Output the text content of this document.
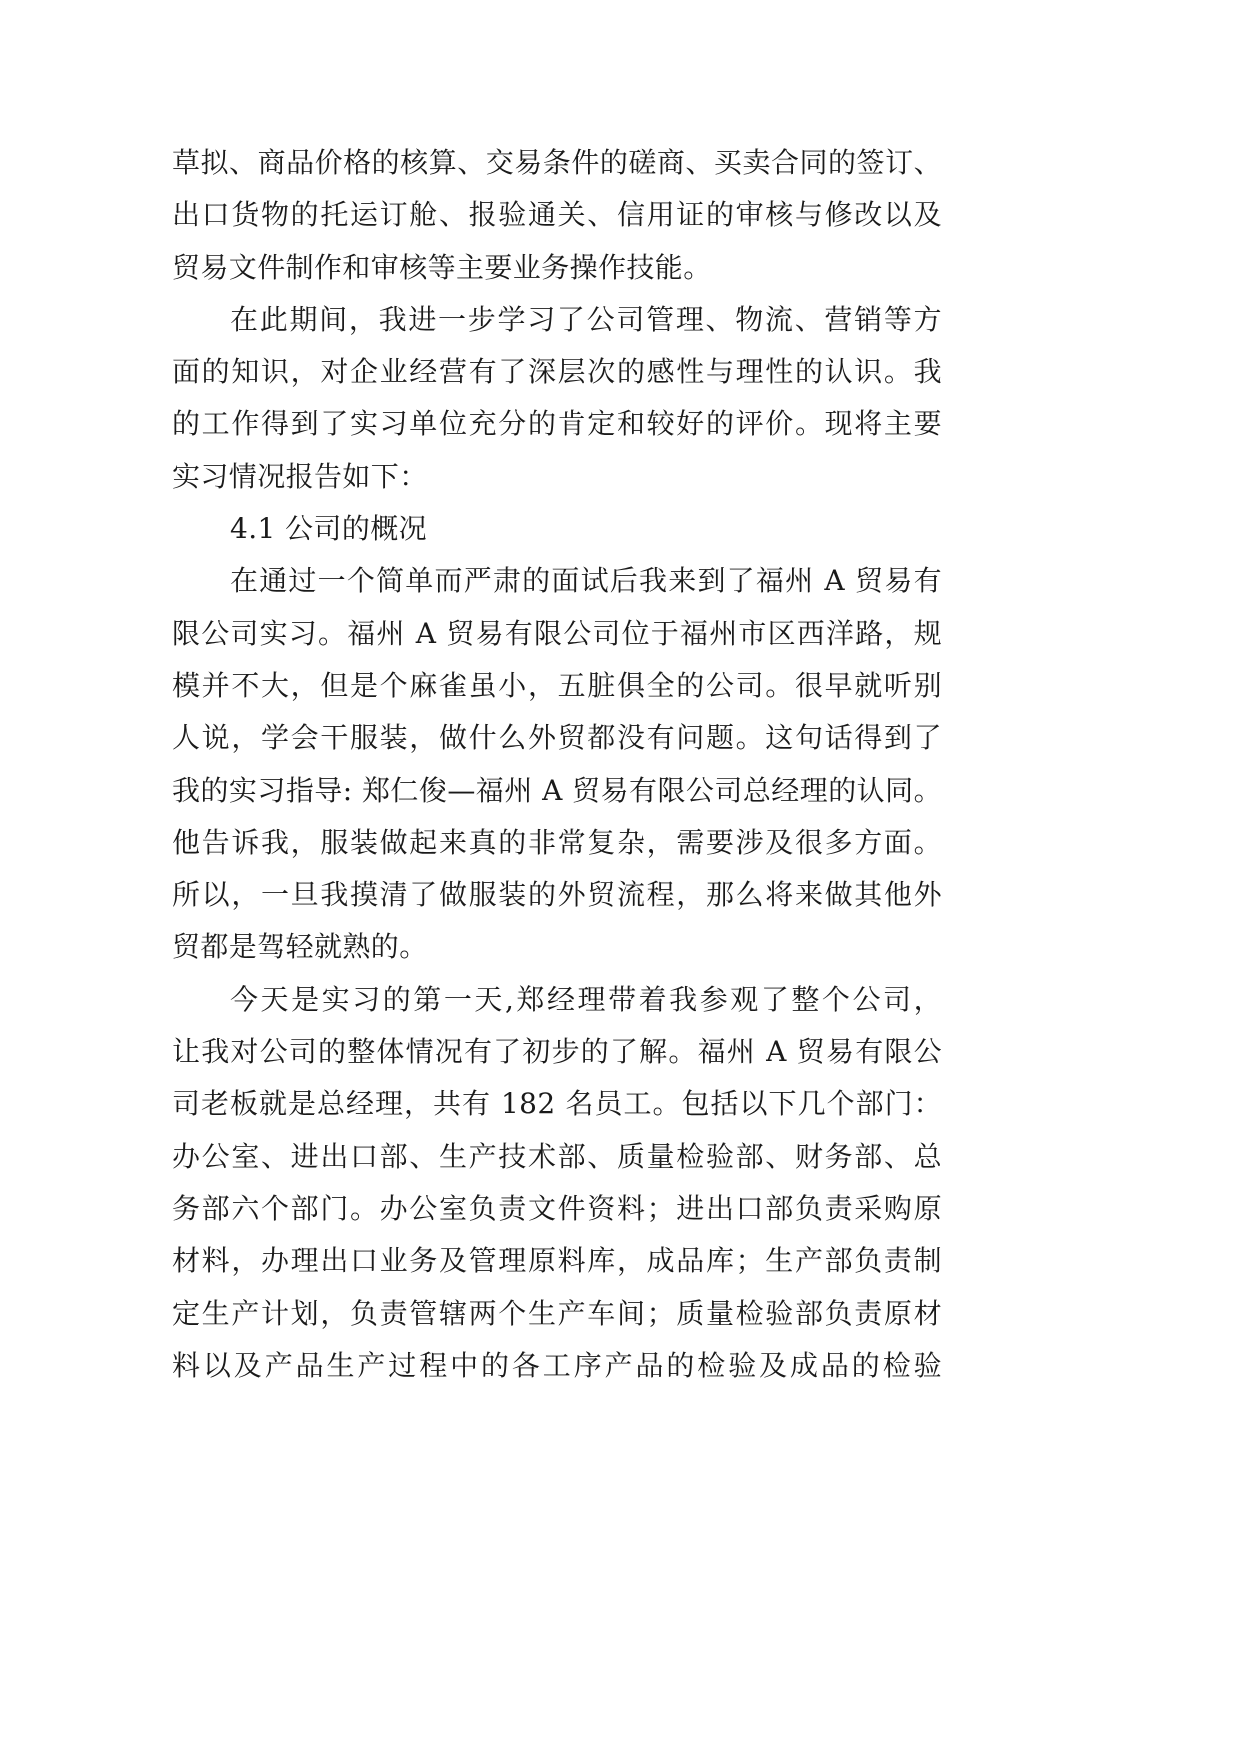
草拟、商品价格的核算、交易条件的磋商、买卖合同的签订、
出口货物的托运订舱、报验通关、信用证的审核与修改以及
贸易文件制作和审核等主要业务操作技能。
在此期间，我进一步学习了公司管理、物流、营销等方
面的知识，对企业经营有了深层次的感性与理性的认识。我
的工作得到了实习单位充分的肯定和较好的评价。现将主要
实习情况报告如下：
4.1 公司的概况
在通过一个简单而严肃的面试后我来到了福州 A 贸易有
限公司实习。福州 A 贸易有限公司位于福州市区西洋路，规
模并不大，但是个麻雀虽小，五脏俱全的公司。很早就听别
人说，学会干服装，做什么外贸都没有问题。这句话得到了
我的实习指导: 郑仁俊—福州 A 贸易有限公司总经理的认同。
他告诉我，服装做起来真的非常复杂，需要涉及很多方面。
所以，一旦我摸清了做服装的外贸流程，那么将来做其他外
贸都是驾轻就熟的。
今天是实习的第一天,郑经理带着我参观了整个公司，
让我对公司的整体情况有了初步的了解。福州 A 贸易有限公
司老板就是总经理，共有 182 名员工。包括以下几个部门：
办公室、进出口部、生产技术部、质量检验部、财务部、总
务部六个部门。办公室负责文件资料；进出口部负责采购原
材料，办理出口业务及管理原料库，成品库；生产部负责制
定生产计划，负责管辖两个生产车间；质量检验部负责原材
料以及产品生产过程中的各工序产品的检验及成品的检验
